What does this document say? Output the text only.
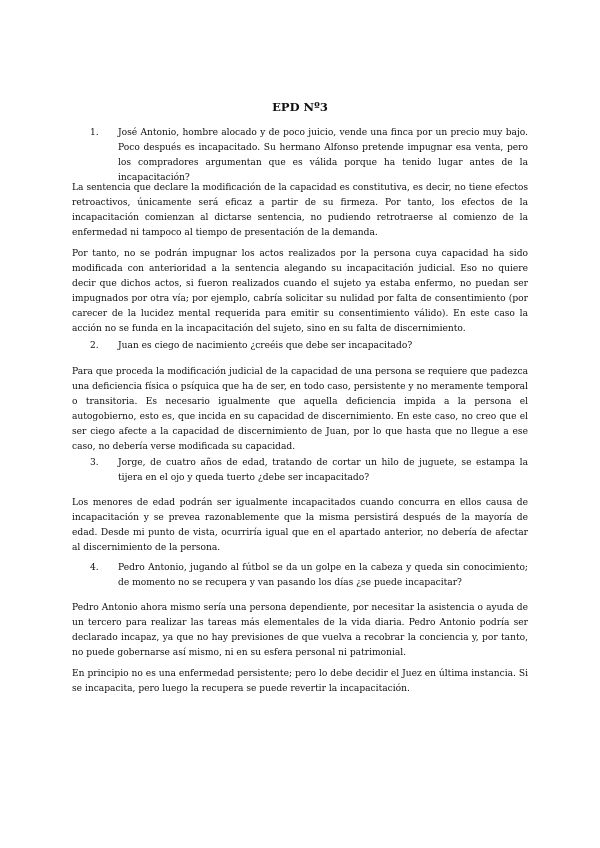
EPD Nº3
1. José Antonio, hombre alocado y de poco juicio, vende una finca por un precio muy bajo. Poco después es incapacitado. Su hermano Alfonso pretende impugnar esa venta, pero los compradores argumentan que es válida porque ha tenido lugar antes de la incapacitación?
La sentencia que declare la modificación de la capacidad es constitutiva, es decir, no tiene efectos retroactivos, únicamente será eficaz a partir de su firmeza. Por tanto, los efectos de la incapacitación comienzan al dictarse sentencia, no pudiendo retrotraerse al comienzo de la enfermedad ni tampoco al tiempo de presentación de la demanda.
Por tanto, no se podrán impugnar los actos realizados por la persona cuya capacidad ha sido modificada con anterioridad a la sentencia alegando su incapacitación judicial. Eso no quiere decir que dichos actos, si fueron realizados cuando el sujeto ya estaba enfermo, no puedan ser impugnados por otra vía; por ejemplo, cabría solicitar su nulidad por falta de consentimiento (por carecer de la lucidez mental requerida para emitir su consentimiento válido). En este caso la acción no se funda en la incapacitación del sujeto, sino en su falta de discernimiento.
2. Juan es ciego de nacimiento ¿creéis que debe ser incapacitado?
Para que proceda la modificación judicial de la capacidad de una persona se requiere que padezca una deficiencia física o psíquica que ha de ser, en todo caso, persistente y no meramente temporal o transitoria. Es necesario igualmente que aquella deficiencia impida a la persona el autogobierno, esto es, que incida en su capacidad de discernimiento. En este caso, no creo que el ser ciego afecte a la capacidad de discernimiento de Juan, por lo que hasta que no llegue a ese caso, no debería verse modificada su capacidad.
3. Jorge, de cuatro años de edad, tratando de cortar un hilo de juguete, se estampa la tijera en el ojo y queda tuerto ¿debe ser incapacitado?
Los menores de edad podrán ser igualmente incapacitados cuando concurra en ellos causa de incapacitación y se prevea razonablemente que la misma persistirá después de la mayoría de edad. Desde mi punto de vista, ocurriría igual que en el apartado anterior, no debería de afectar al discernimiento de la persona.
4. Pedro Antonio, jugando al fútbol se da un golpe en la cabeza y queda sin conocimiento; de momento no se recupera y van pasando los días ¿se puede incapacitar?
Pedro Antonio ahora mismo sería una persona dependiente, por necesitar la asistencia o ayuda de un tercero para realizar las tareas más elementales de la vida diaria. Pedro Antonio podría ser declarado incapaz, ya que no hay previsiones de que vuelva a recobrar la conciencia y, por tanto, no puede gobernarse así mismo, ni en su esfera personal ni patrimonial.
En principio no es una enfermedad persistente; pero lo debe decidir el Juez en última instancia. Si se incapacita, pero luego la recupera se puede revertir la incapacitación.
